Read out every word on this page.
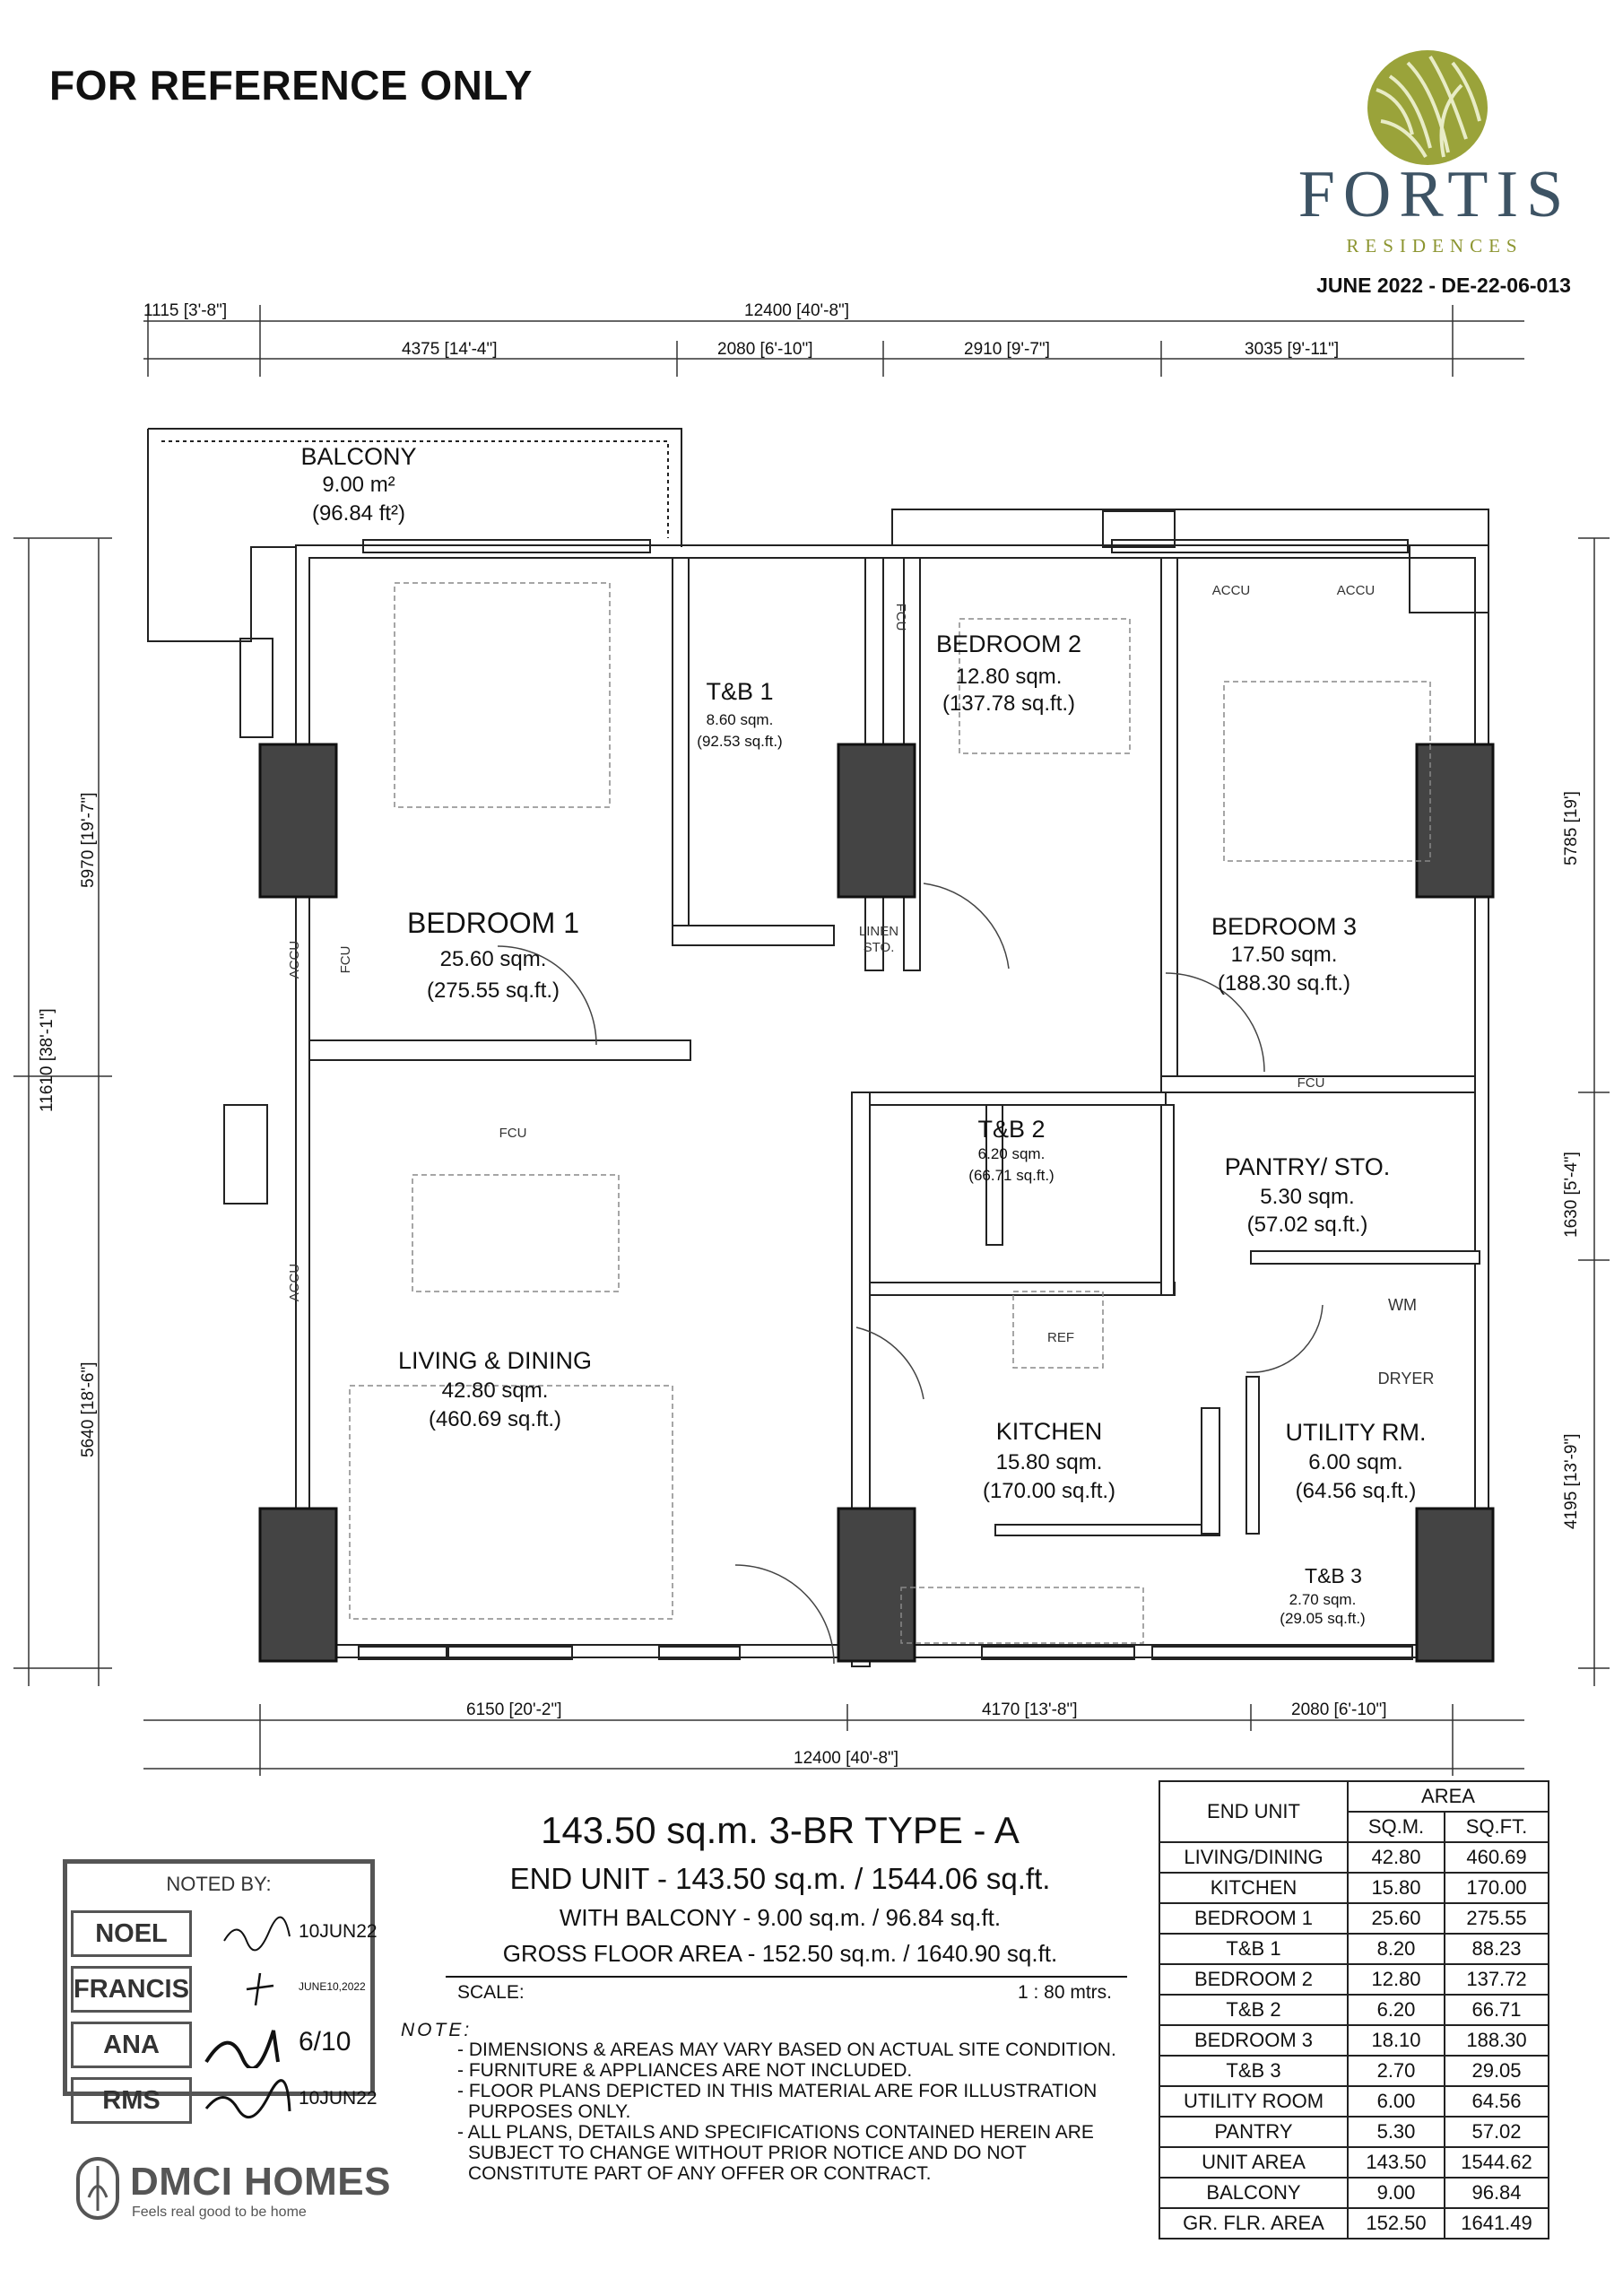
FOR REFERENCE ONLY
FORTIS
RESIDENCES
JUNE 2022 - DE-22-06-013
1115 [3'-8"]	12400 [40'-8"]
4375 [14'-4"]	2080 [6'-10"]	2910 [9'-7"]	3035 [9'-11"]
11610 [38'-1"]
5970 [19'-7"]
5640 [18'-6"]
5785 [19']
1630 [5'-4"]
4195 [13'-9"]
6150 [20'-2"]	4170 [13'-8"]	2080 [6'-10"]
12400 [40'-8"]
BALCONY
9.00 m²
(96.84 ft²)
BEDROOM 1
25.60 sqm.
(275.55 sq.ft.)
T&B 1
8.60 sqm.
(92.53 sq.ft.)
BEDROOM 2
12.80 sqm.
(137.78 sq.ft.)
BEDROOM 3
17.50 sqm.
(188.30 sq.ft.)
T&B 2
6.20 sqm.
(66.71 sq.ft.)	PANTRY/ STO.
5.30 sqm.
(57.02 sq.ft.)
LIVING & DINING
42.80 sqm.
(460.69 sq.ft.)	KITCHEN
15.80 sqm.
(170.00 sq.ft.)
UTILITY RM.
6.00 sqm.
(64.56 sq.ft.)
T&B 3
2.70 sqm.
(29.05 sq.ft.)
ACCU	ACCU
ACCU
ACCU
FCU
FCU
FCU
FCU
LINEN
STO.
REF
WM
DRYER
143.50 sq.m. 3-BR TYPE - A
END UNIT - 143.50 sq.m. / 1544.06 sq.ft.
WITH BALCONY - 9.00 sq.m. / 96.84 sq.ft.
GROSS FLOOR AREA - 152.50 sq.m. / 1640.90 sq.ft.
SCALE:	1 : 80 mtrs.
NOTE:

- DIMENSIONS & AREAS MAY VARY BASED ON ACTUAL SITE CONDITION.

- FURNITURE & APPLIANCES ARE NOT INCLUDED.

- FLOOR PLANS DEPICTED IN THIS MATERIAL ARE FOR ILLUSTRATION PURPOSES ONLY.

- ALL PLANS, DETAILS AND SPECIFICATIONS CONTAINED HEREIN ARE SUBJECT TO CHANGE WITHOUT PRIOR NOTICE AND DO NOT CONSTITUTE PART OF ANY OFFER OR CONTRACT.

END UNIT	AREA	
	SQ.M.	SQ.FT.
LIVING/DINING	42.80	460.69
KITCHEN	15.80	170.00
BEDROOM 1	25.60	275.55
T&B 1	8.20	88.23
BEDROOM 2	12.80	137.72
T&B 2	6.20	66.71
BEDROOM 3	18.10	188.30
T&B 3	2.70	29.05
UTILITY ROOM	6.00	64.56
PANTRY	5.30	57.02
UNIT AREA	143.50	1544.62
BALCONY	9.00	96.84
GR. FLR. AREA	152.50	1641.49
NOTED BY:
NOEL	10JUN22
FRANCIS	JUNE10,2022
ANA	6/10
RMS	10JUN22
DMCI HOMES
Feels real good to be home
